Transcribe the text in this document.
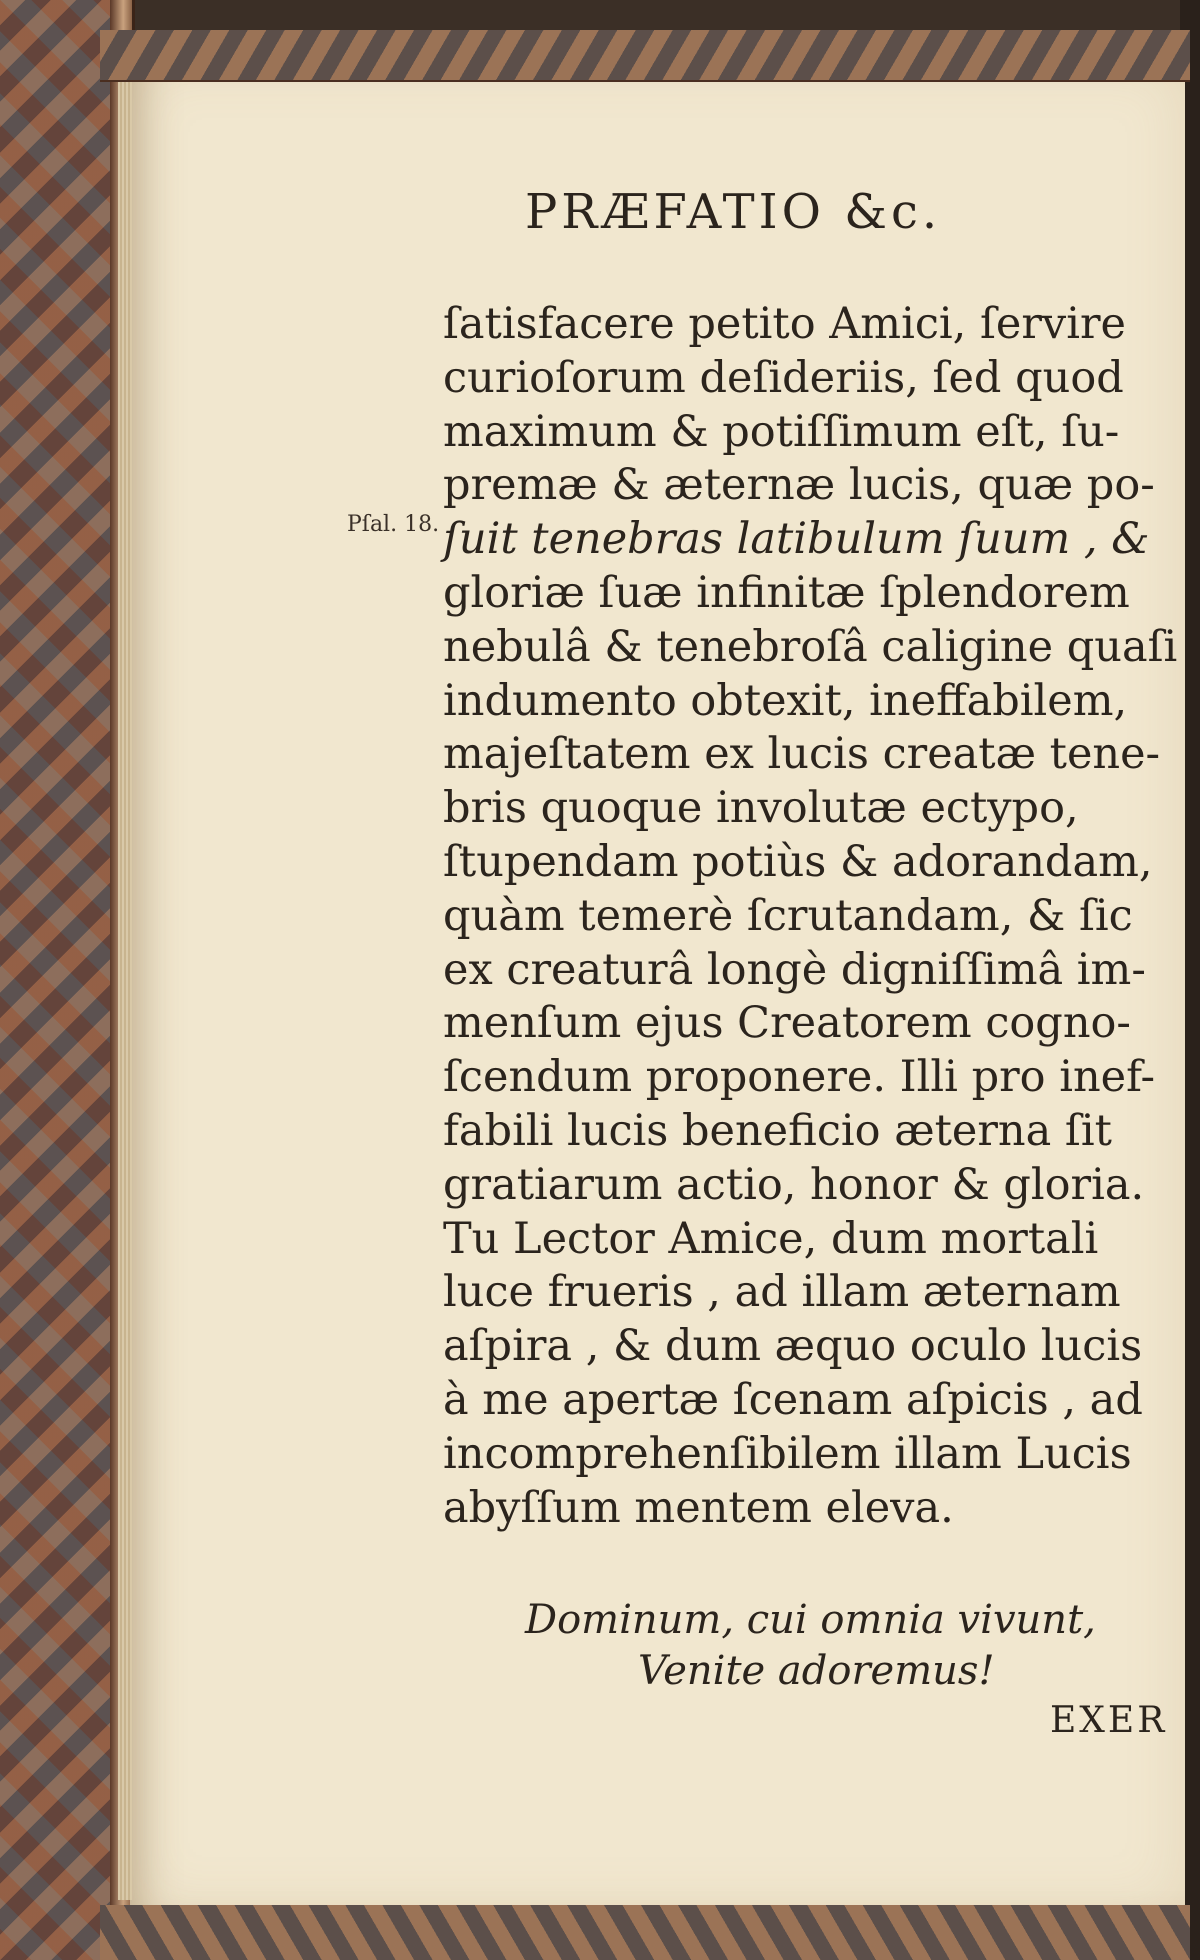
PRÆFATIO &c.
Pſal. 18.
ſatisfacere petito Amici, ſervire
curioſorum deſideriis, ſed quod
maximum & potiſſimum eſt, ſu-
premæ & æternæ lucis, quæ po-
ſuit tenebras latibulum ſuum , &
gloriæ ſuæ infinitæ ſplendorem
nebulâ & tenebroſâ caligine quaſi
indumento obtexit, ineffabilem,
majeſtatem ex lucis creatæ tene-
bris quoque involutæ ectypo,
ſtupendam potiùs & adorandam,
quàm temerè ſcrutandam, & ſic
ex creaturâ longè digniſſimâ im-
menſum ejus Creatorem cogno-
ſcendum proponere. Illi pro inef-
fabili lucis beneficio æterna ſit
gratiarum actio, honor & gloria.
Tu Lector Amice, dum mortali
luce frueris , ad illam æternam
aſpira , & dum æquo oculo lucis
à me apertæ ſcenam aſpicis , ad
incomprehenſibilem illam Lucis
abyſſum mentem eleva.
Dominum, cui omnia vivunt,
Venite adoremus!
EXER
